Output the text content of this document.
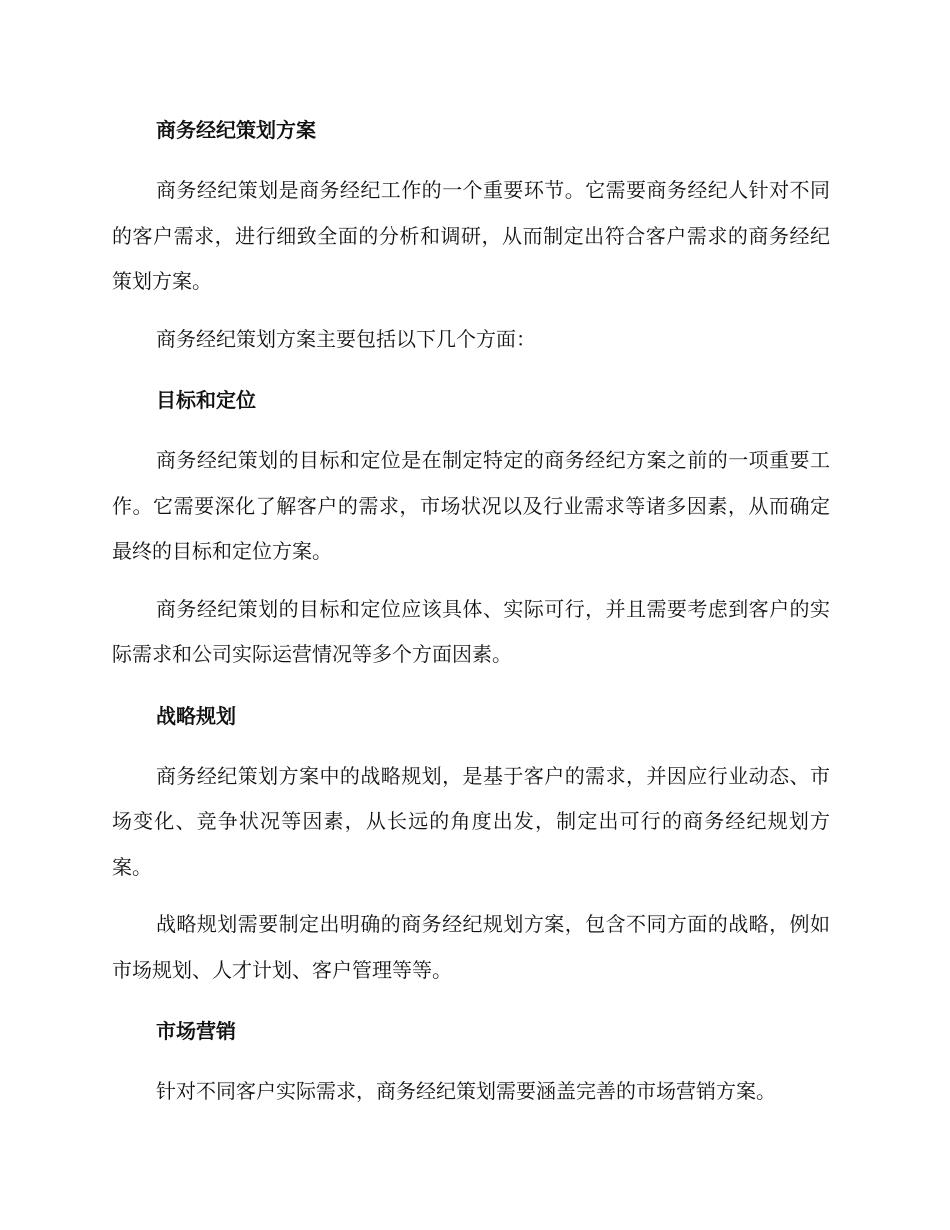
商务经纪策划方案

商务经纪策划是商务经纪工作的一个重要环节。它需要商务经纪人针对不同的客户需求，进行细致全面的分析和调研，从而制定出符合客户需求的商务经纪策划方案。

商务经纪策划方案主要包括以下几个方面：

目标和定位

商务经纪策划的目标和定位是在制定特定的商务经纪方案之前的一项重要工作。它需要深化了解客户的需求，市场状况以及行业需求等诸多因素，从而确定最终的目标和定位方案。

商务经纪策划的目标和定位应该具体、实际可行，并且需要考虑到客户的实际需求和公司实际运营情况等多个方面因素。

战略规划

商务经纪策划方案中的战略规划，是基于客户的需求，并因应行业动态、市场变化、竞争状况等因素，从长远的角度出发，制定出可行的商务经纪规划方案。

战略规划需要制定出明确的商务经纪规划方案，包含不同方面的战略，例如市场规划、人才计划、客户管理等等。

市场营销

针对不同客户实际需求，商务经纪策划需要涵盖完善的市场营销方案。
